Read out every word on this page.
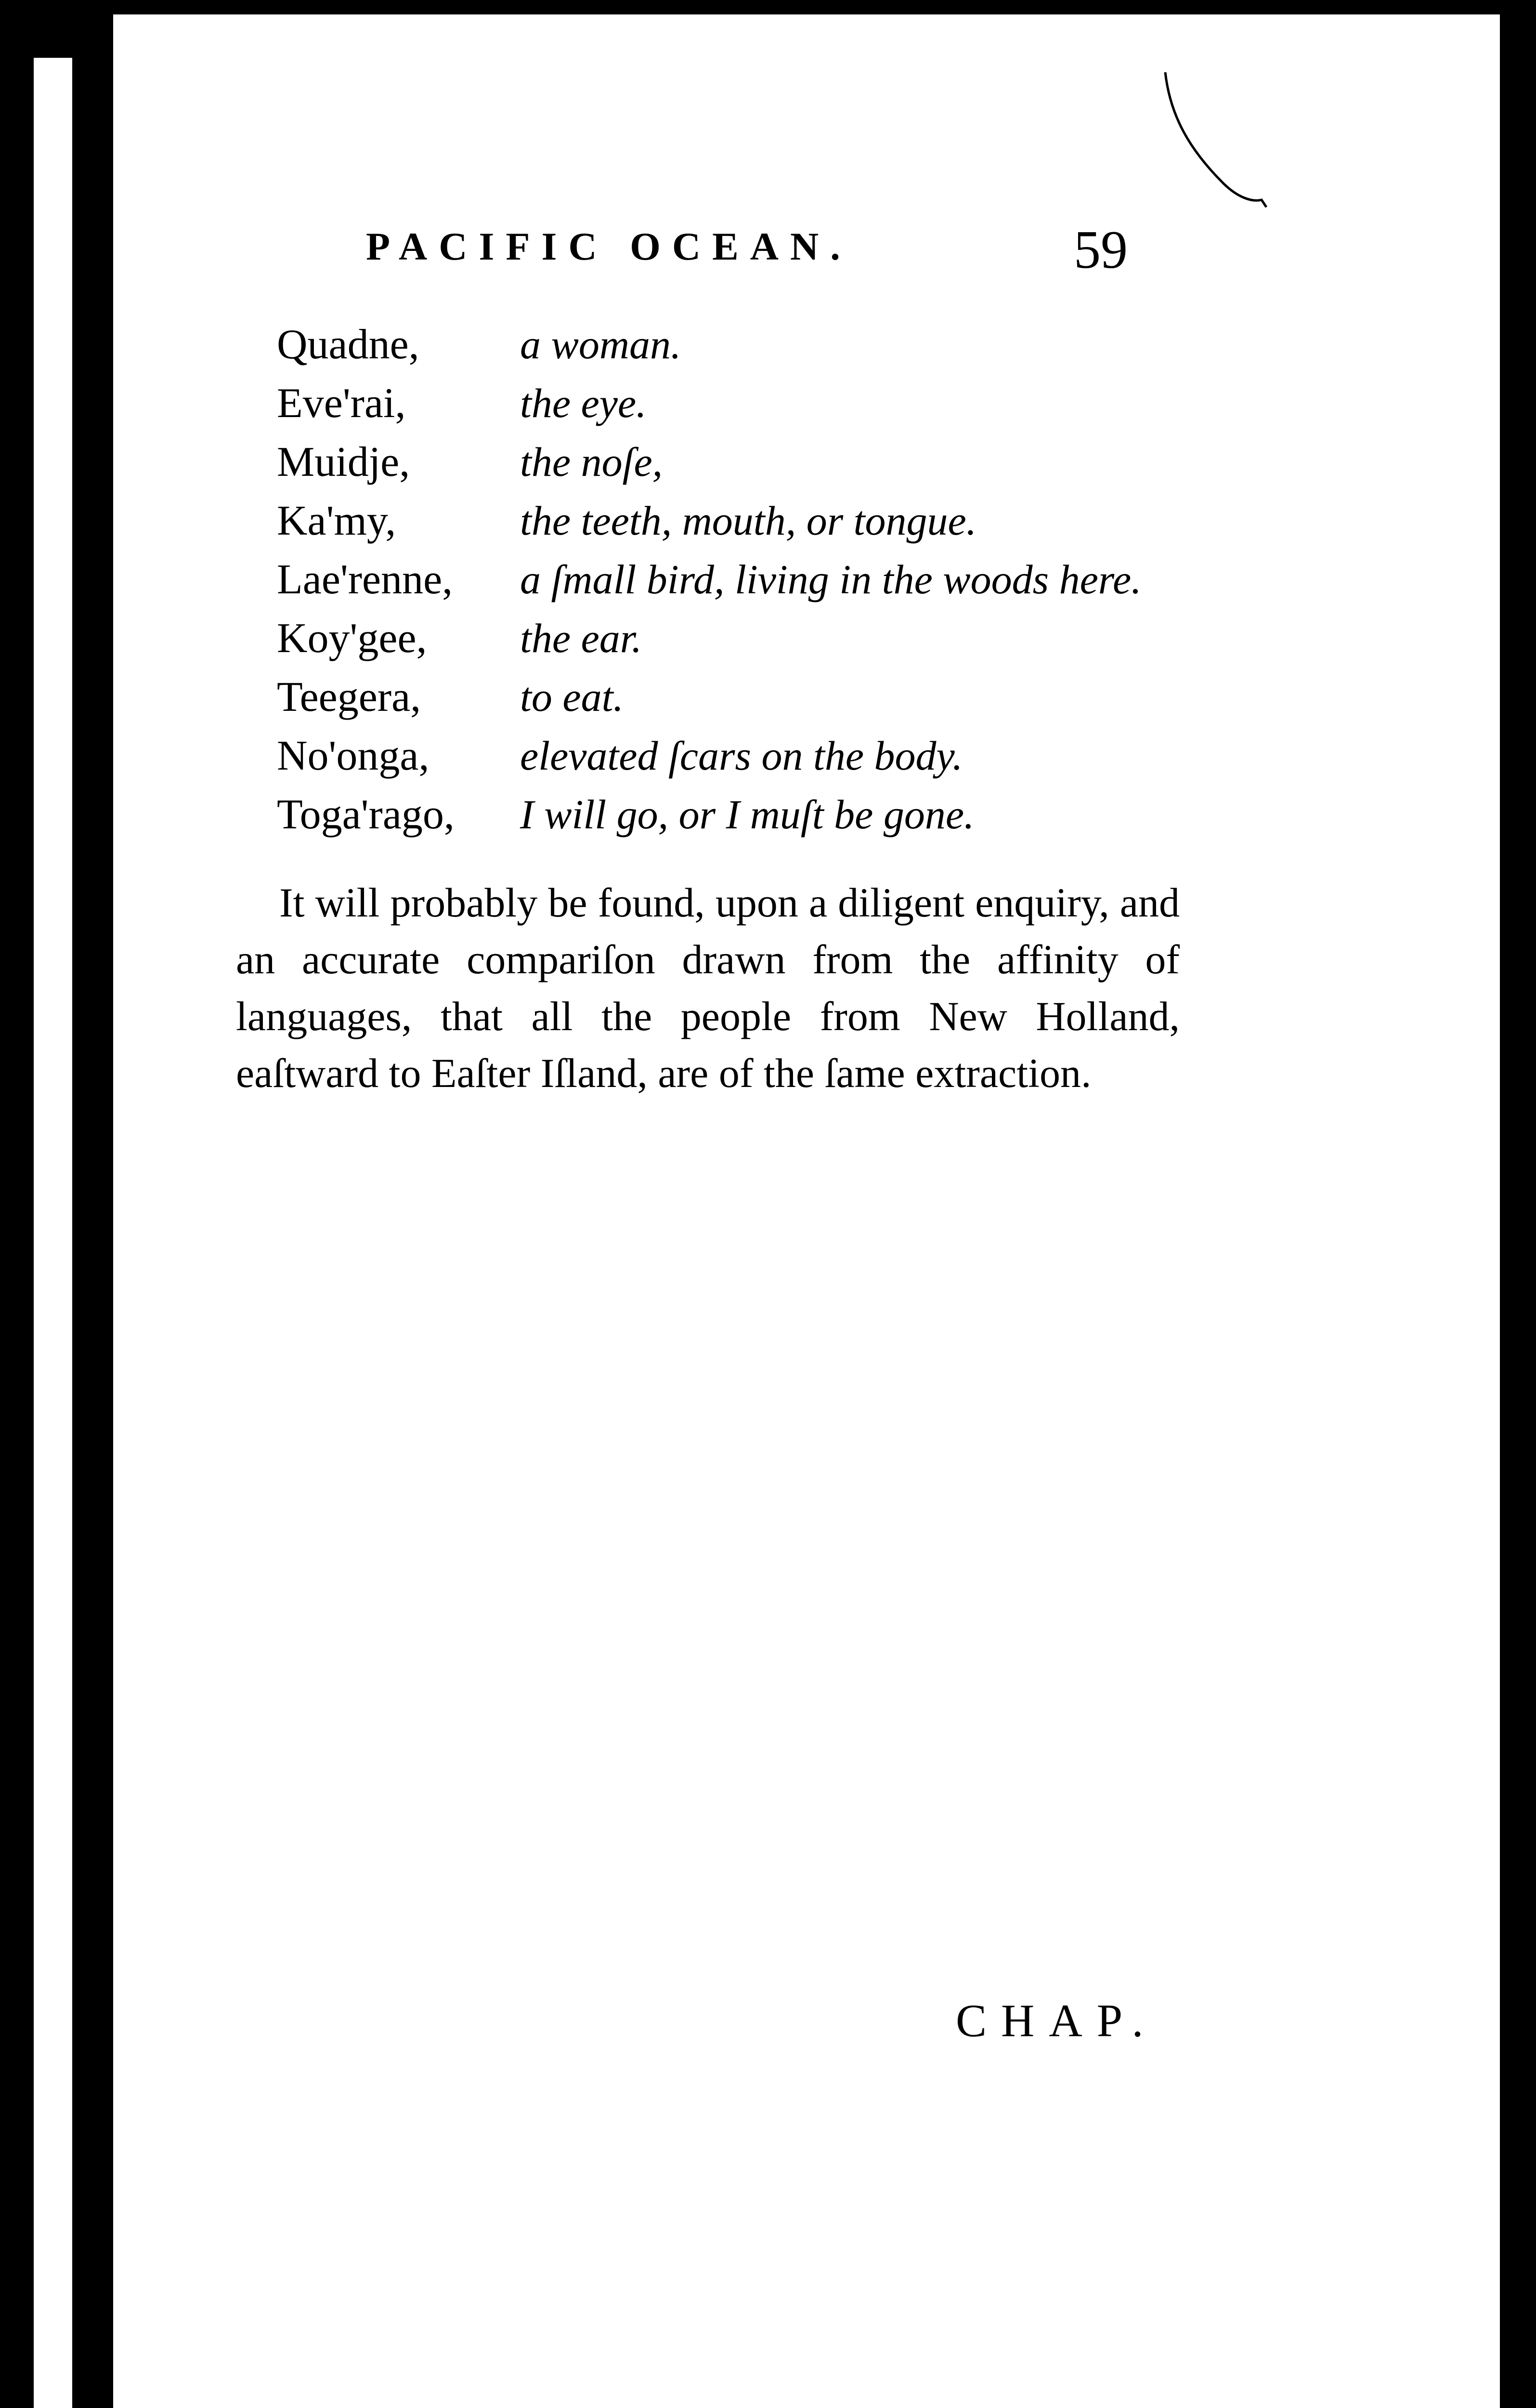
PACIFIC OCEAN.	59
Quadne,	a woman.
Eve'rai,	the eye.
Muidje,	the noſe,
Ka'my,	the teeth, mouth, or tongue.
Lae'renne,	a ſmall bird, living in the woods here.
Koy'gee,	the ear.
Teegera,	to eat.
No'onga,	elevated ſcars on the body.
Toga'rago,	I will go, or I muſt be gone.

It will probably be found, upon a diligent enquiry, and an accurate compariſon drawn from the affinity of languages, that all the people from New Holland, eaſtward to Eaſter Iſland, are of the ſame extraction.

CHAP.
